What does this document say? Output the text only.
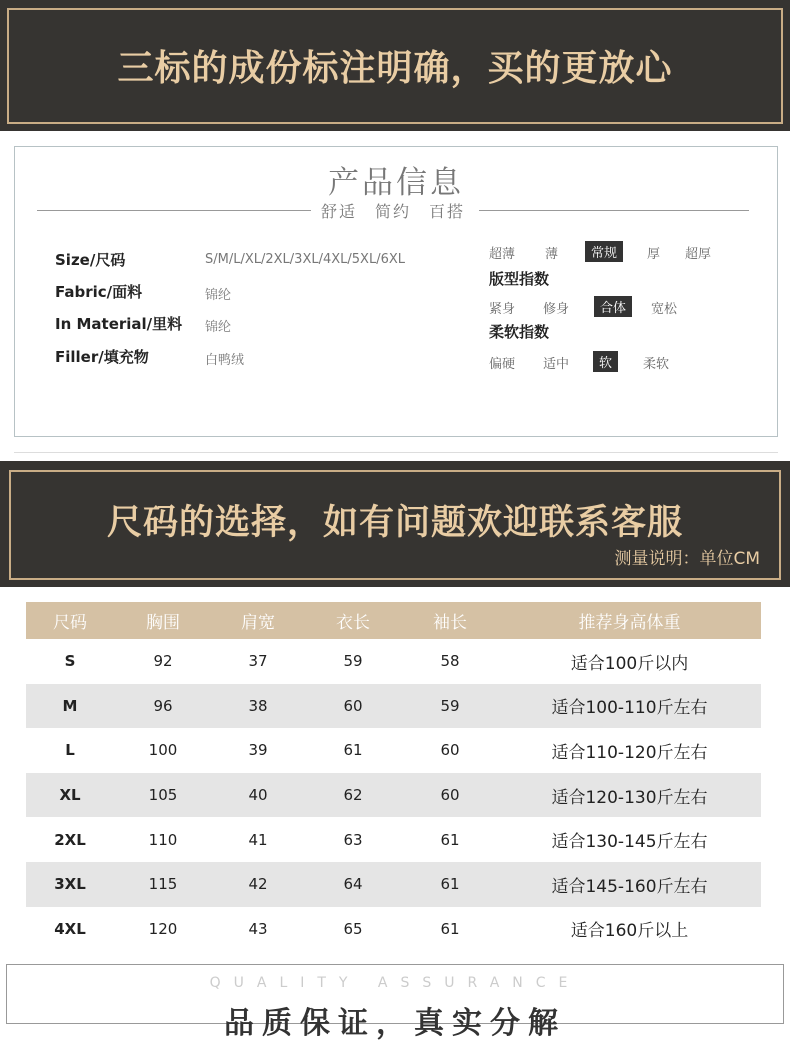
三标的成份标注明确，买的更放心
产品信息
舒适　简约　百搭
Size/尺码	S/M/L/XL/2XL/3XL/4XL/5XL/6XL
Fabric/面料	锦纶
In Material/里料 锦纶
Filler/填充物	白鸭绒
超薄 薄	常规	厚 超厚
版型指数
紧身 修身	合体	宽松
柔软指数
偏硬 适中	软	柔软
尺码的选择，如有问题欢迎联系客服
测量说明：单位CM
尺码	胸围	肩宽	衣长	袖长	推荐身高体重
S	92	37	59	58	适合100斤以内
M	96	38	60	59	适合100-110斤左右
L	100	39	61	60	适合110-120斤左右
XL	105	40	62	60	适合120-130斤左右
2XL	110	41	63	61	适合130-145斤左右
3XL	115	42	64	61	适合145-160斤左右
4XL	120	43	65	61	适合160斤以上
QUALITY ASSURANCE
品质保证，真实分解
